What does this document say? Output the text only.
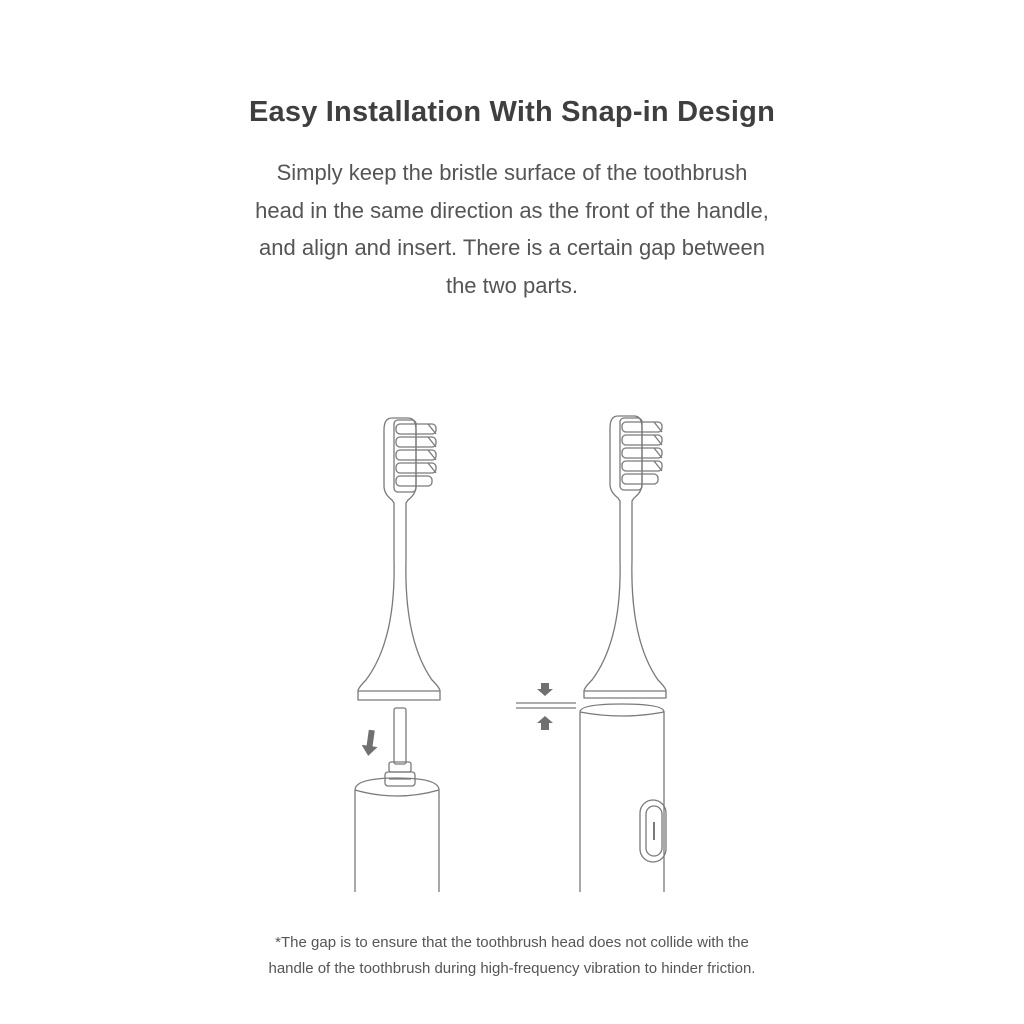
Easy Installation With Snap-in Design

Simply keep the bristle surface of the toothbrush
head in the same direction as the front of the handle,
and align and insert. There is a certain gap between
the two parts.

*The gap is to ensure that the toothbrush head does not collide with the
handle of the toothbrush during high-frequency vibration to hinder friction.
